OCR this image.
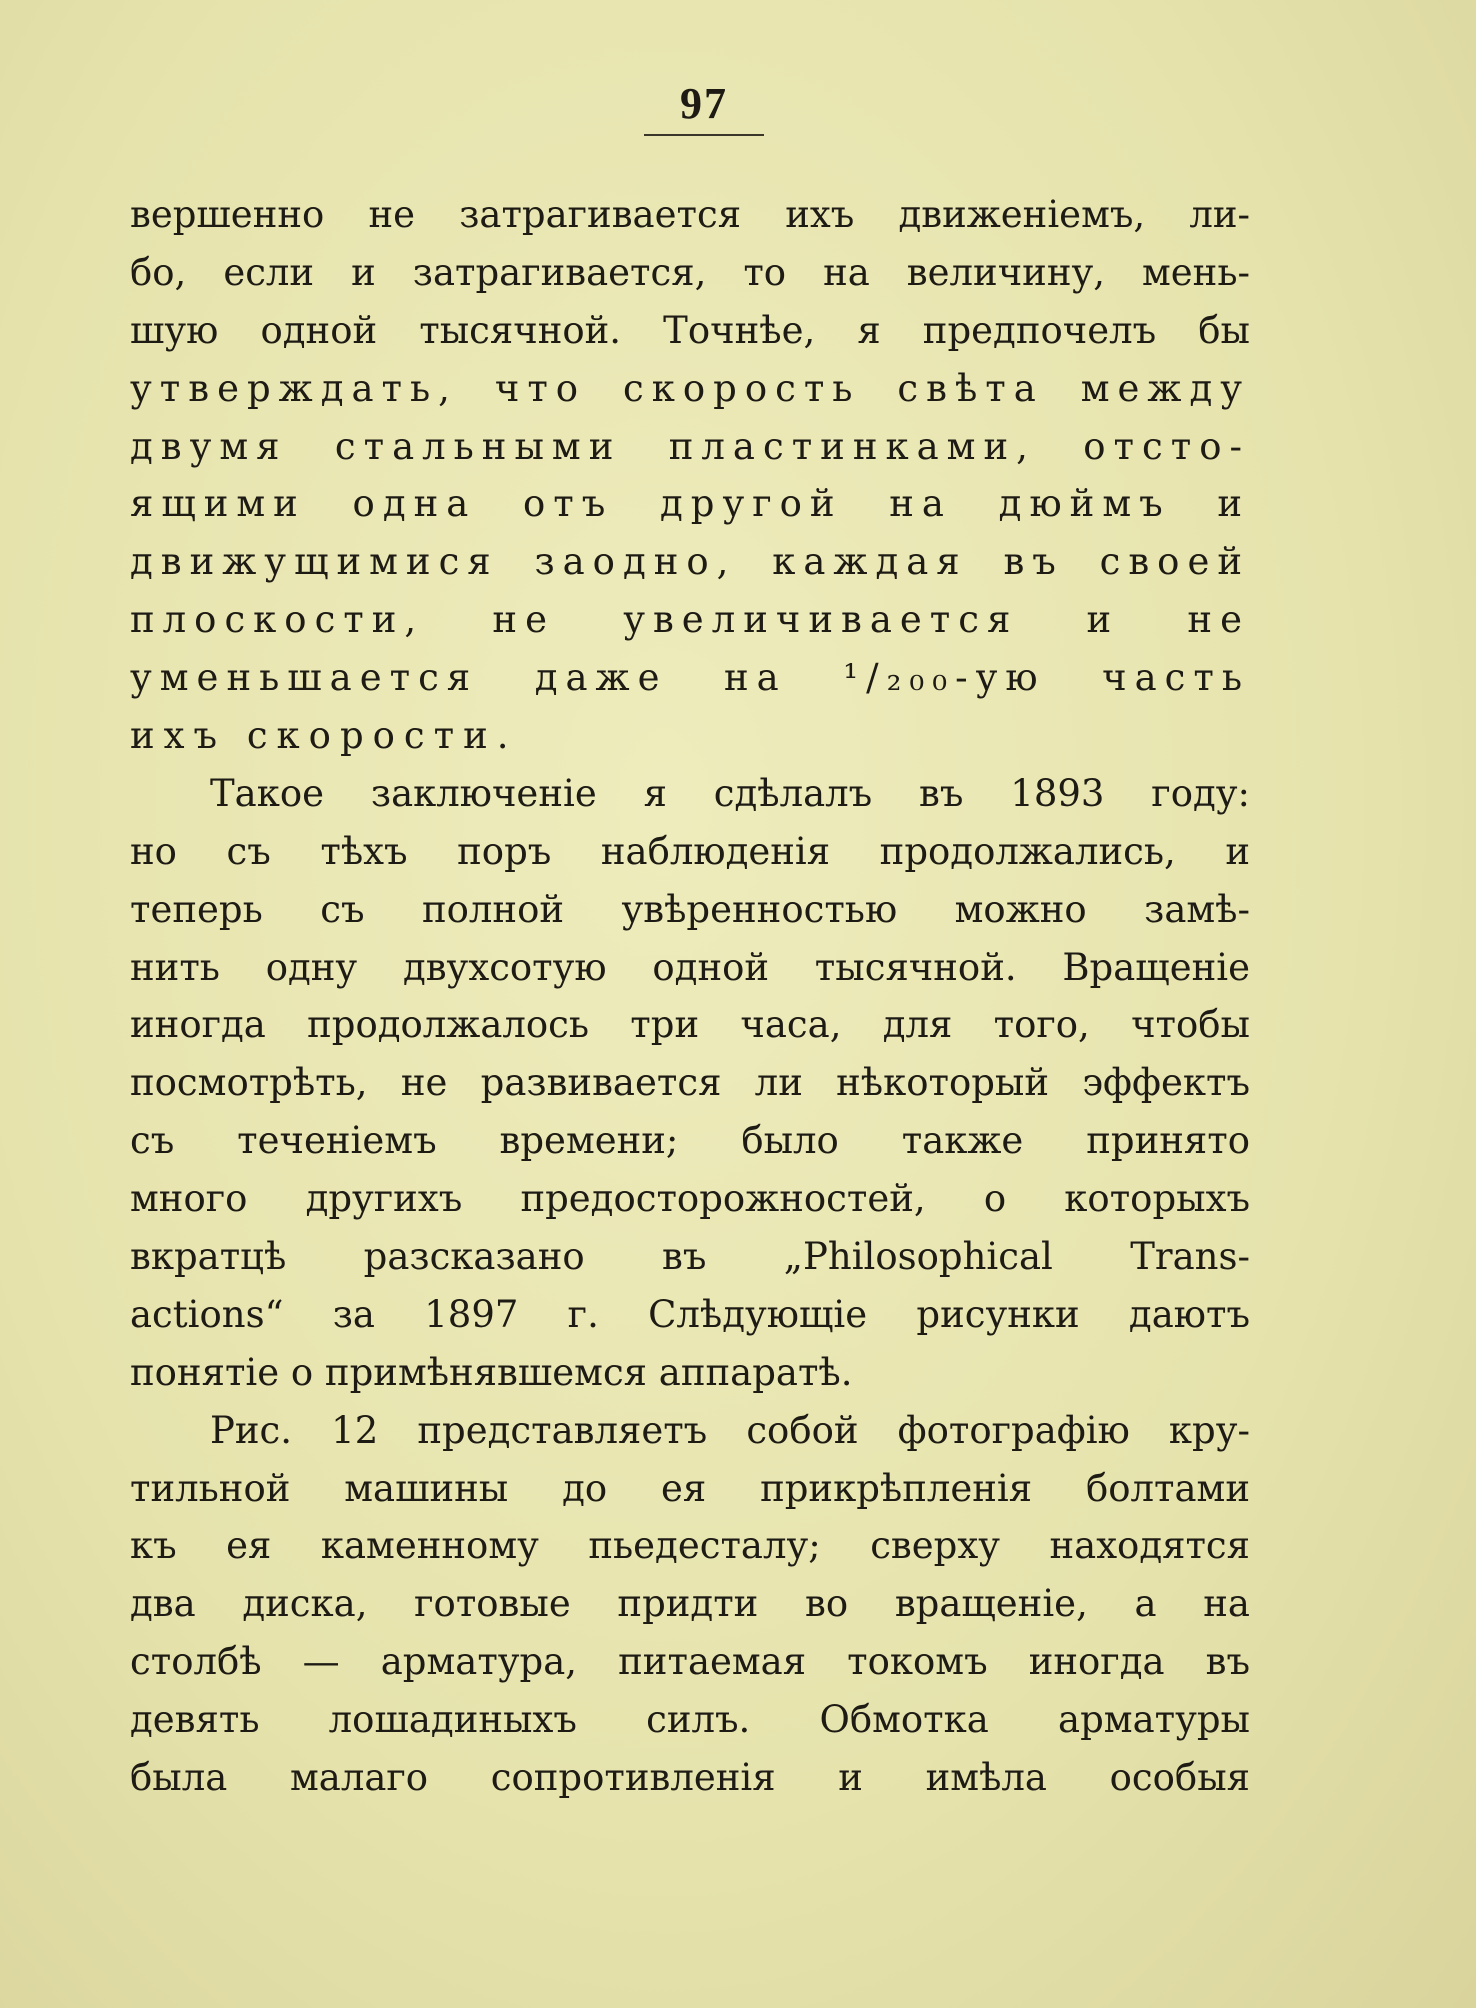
97
вершенно не затрагивается ихъ движеніемъ, ли-
бо, если и затрагивается, то на величину, мень-
шую одной тысячной. Точнѣе, я предпочелъ бы
утверждать, что скорость свѣта между
двумя стальными пластинками, отсто-
ящими одна отъ другой на дюймъ и
движущимися заодно, каждая въ своей
плоскости, не увеличивается и не
уменьшается даже на ¹/₂₀₀-ую часть
ихъ скорости.
Такое заключеніе я сдѣлалъ въ 1893 году:
но съ тѣхъ поръ наблюденія продолжались, и
теперь съ полной увѣренностью можно замѣ-
нить одну двухсотую одной тысячной. Вращеніе
иногда продолжалось три часа, для того, чтобы
посмотрѣть, не развивается ли нѣкоторый эффектъ
съ теченіемъ времени; было также принято
много другихъ предосторожностей, о которыхъ
вкратцѣ разсказано въ „Philosophical Trans-
actions“ за 1897 г. Слѣдующіе рисунки даютъ
понятіе о примѣнявшемся аппаратѣ.
Рис. 12 представляетъ собой фотографію кру-
тильной машины до ея прикрѣпленія болтами
къ ея каменному пьедесталу; сверху находятся
два диска, готовые придти во вращеніе, а на
столбѣ — арматура, питаемая токомъ иногда въ
девять лошадиныхъ силъ. Обмотка арматуры
была малаго сопротивленія и имѣла особыя
